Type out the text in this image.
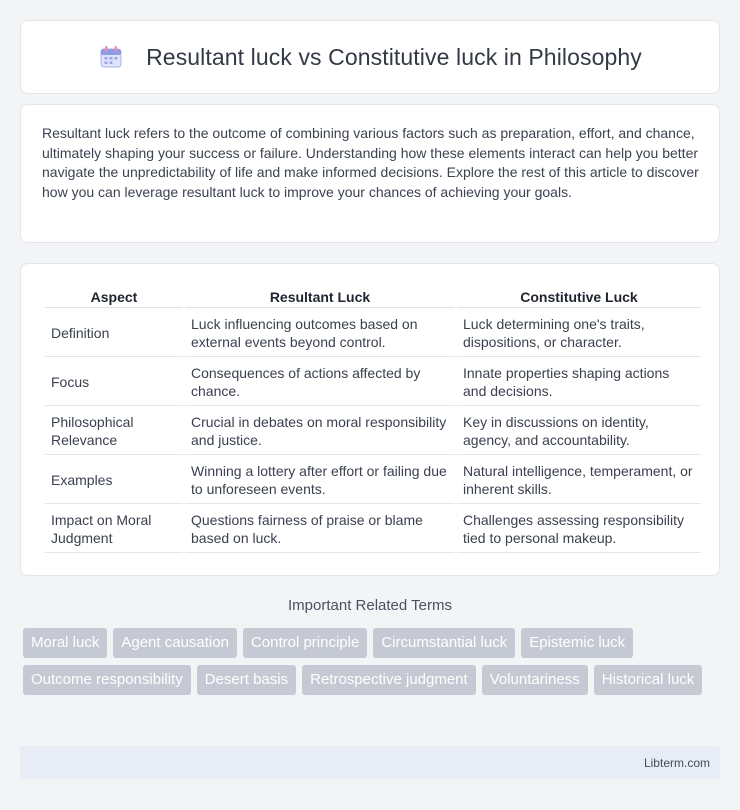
Resultant luck vs Constitutive luck in Philosophy

Resultant luck refers to the outcome of combining various factors such as preparation, effort, and chance, ultimately shaping your success or failure. Understanding how these elements interact can help you better navigate the unpredictability of life and make informed decisions. Explore the rest of this article to discover how you can leverage resultant luck to improve your chances of achieving your goals.

Aspect	Resultant Luck	Constitutive Luck
Definition	Luck influencing outcomes based on external events beyond control.	Luck determining one's traits, dispositions, or character.
Focus	Consequences of actions affected by chance.	Innate properties shaping actions and decisions.
Philosophical Relevance	Crucial in debates on moral responsibility and justice.	Key in discussions on identity, agency, and accountability.
Examples	Winning a lottery after effort or failing due to unforeseen events.	Natural intelligence, temperament, or inherent skills.
Impact on Moral Judgment	Questions fairness of praise or blame based on luck.	Challenges assessing responsibility tied to personal makeup.
Important Related Terms
Moral luck	Agent causation	Control principle	Circumstantial luck	Epistemic luck
Outcome responsibility	Desert basis	Retrospective judgment	Voluntariness	Historical luck
Libterm.com
